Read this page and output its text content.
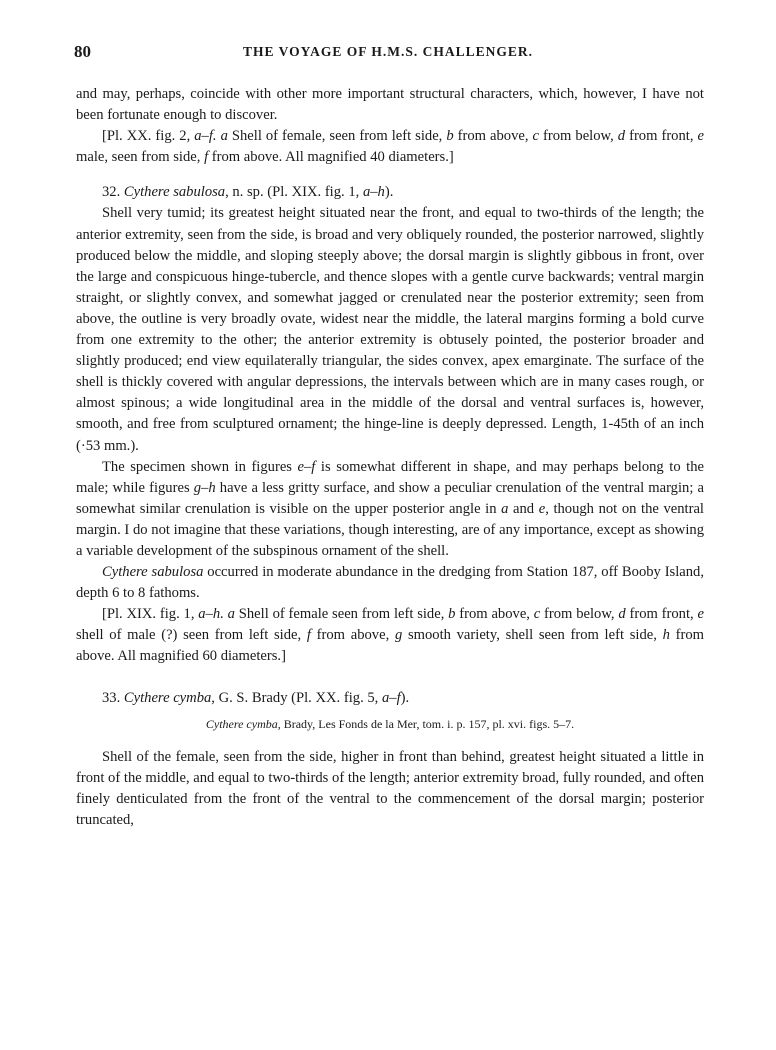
80	THE VOYAGE OF H.M.S. CHALLENGER.

and may, perhaps, coincide with other more important structural characters, which, however, I have not been fortunate enough to discover.

[Pl. XX. fig. 2, a–f. a Shell of female, seen from left side, b from above, c from below, d from front, e male, seen from side, f from above. All magnified 40 diameters.]

32. Cythere sabulosa, n. sp. (Pl. XIX. fig. 1, a–h).

Shell very tumid; its greatest height situated near the front, and equal to two-thirds of the length; the anterior extremity, seen from the side, is broad and very obliquely rounded, the posterior narrowed, slightly produced below the middle, and sloping steeply above; the dorsal margin is slightly gibbous in front, over the large and conspicuous hinge-tubercle, and thence slopes with a gentle curve backwards; ventral margin straight, or slightly convex, and somewhat jagged or crenulated near the posterior extremity; seen from above, the outline is very broadly ovate, widest near the middle, the lateral margins forming a bold curve from one extremity to the other; the anterior extremity is obtusely pointed, the posterior broader and slightly produced; end view equilaterally triangular, the sides convex, apex emarginate. The surface of the shell is thickly covered with angular depressions, the intervals between which are in many cases rough, or almost spinous; a wide longitudinal area in the middle of the dorsal and ventral surfaces is, however, smooth, and free from sculptured ornament; the hinge-line is deeply depressed. Length, 1-45th of an inch (·53 mm.).

The specimen shown in figures e–f is somewhat different in shape, and may perhaps belong to the male; while figures g–h have a less gritty surface, and show a peculiar crenulation of the ventral margin; a somewhat similar crenulation is visible on the upper posterior angle in a and e, though not on the ventral margin. I do not imagine that these variations, though interesting, are of any importance, except as showing a variable development of the subspinous ornament of the shell.

Cythere sabulosa occurred in moderate abundance in the dredging from Station 187, off Booby Island, depth 6 to 8 fathoms.

[Pl. XIX. fig. 1, a–h. a Shell of female seen from left side, b from above, c from below, d from front, e shell of male (?) seen from left side, f from above, g smooth variety, shell seen from left side, h from above. All magnified 60 diameters.]

33. Cythere cymba, G. S. Brady (Pl. XX. fig. 5, a–f).

Cythere cymba, Brady, Les Fonds de la Mer, tom. i. p. 157, pl. xvi. figs. 5–7.

Shell of the female, seen from the side, higher in front than behind, greatest height situated a little in front of the middle, and equal to two-thirds of the length; anterior extremity broad, fully rounded, and often finely denticulated from the front of the ventral to the commencement of the dorsal margin; posterior truncated,
